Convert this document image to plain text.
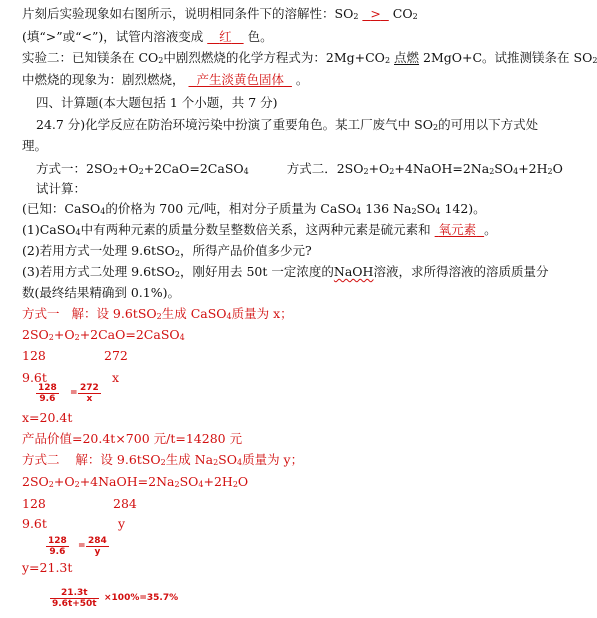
片刻后实验现象如右图所示，说明相同条件下的溶解性：SO2 > CO2
(填“>”或“<”)，试管内溶液变成 红 色。
实验二：已知镁条在 CO2中剧烈燃烧的化学方程式为：2Mg+CO2 点燃 2MgO+C。试推测镁条在 SO2
中燃烧的现象为：剧烈燃烧， 产生淡黄色固体 。
四、计算题(本大题包括 1 个小题，共 7 分)
24.7 分)化学反应在防治环境污染中扮演了重要角色。某工厂废气中 SO2的可用以下方式处
理。
方式一：2SO2+O2+2CaO=2CaSO4	方式二．2SO2+O2+4NaOH=2Na2SO4+2H2O
试计算：
(已知：CaSO4的价格为 700 元/吨，相对分子质量为 CaSO4 136 Na2SO4 142)。
(1)CaSO4中有两种元素的质量分数呈整数倍关系，这两种元素是硫元素和 氧元素 。
(2)若用方式一处理 9.6tSO2，所得产品价值多少元?
(3)若用方式二处理 9.6tSO2，刚好用去 50t 一定浓度的NaOH溶液，求所得溶液的溶质质量分
数(最终结果精确到 0.1%)。
方式一 解：设 9.6tSO2生成 CaSO4质量为 x；
2SO2+O2+2CaO=2CaSO4
128	272
9.6t	x
$\frac{128}{9.6} = \frac{272}{x}$
x=20.4t
产品价值=20.4t×700 元/t=14280 元
方式二 解：设 9.6tSO2生成 Na2SO4质量为 y；
2SO2+O2+4NaOH=2Na2SO4+2H2O
128	284
9.6t	y
$\frac{128}{9.6} = \frac{284}{y}$
y=21.3t
$\frac{21.3t}{9.6t+50t} \times 100\%=35.7\%$
